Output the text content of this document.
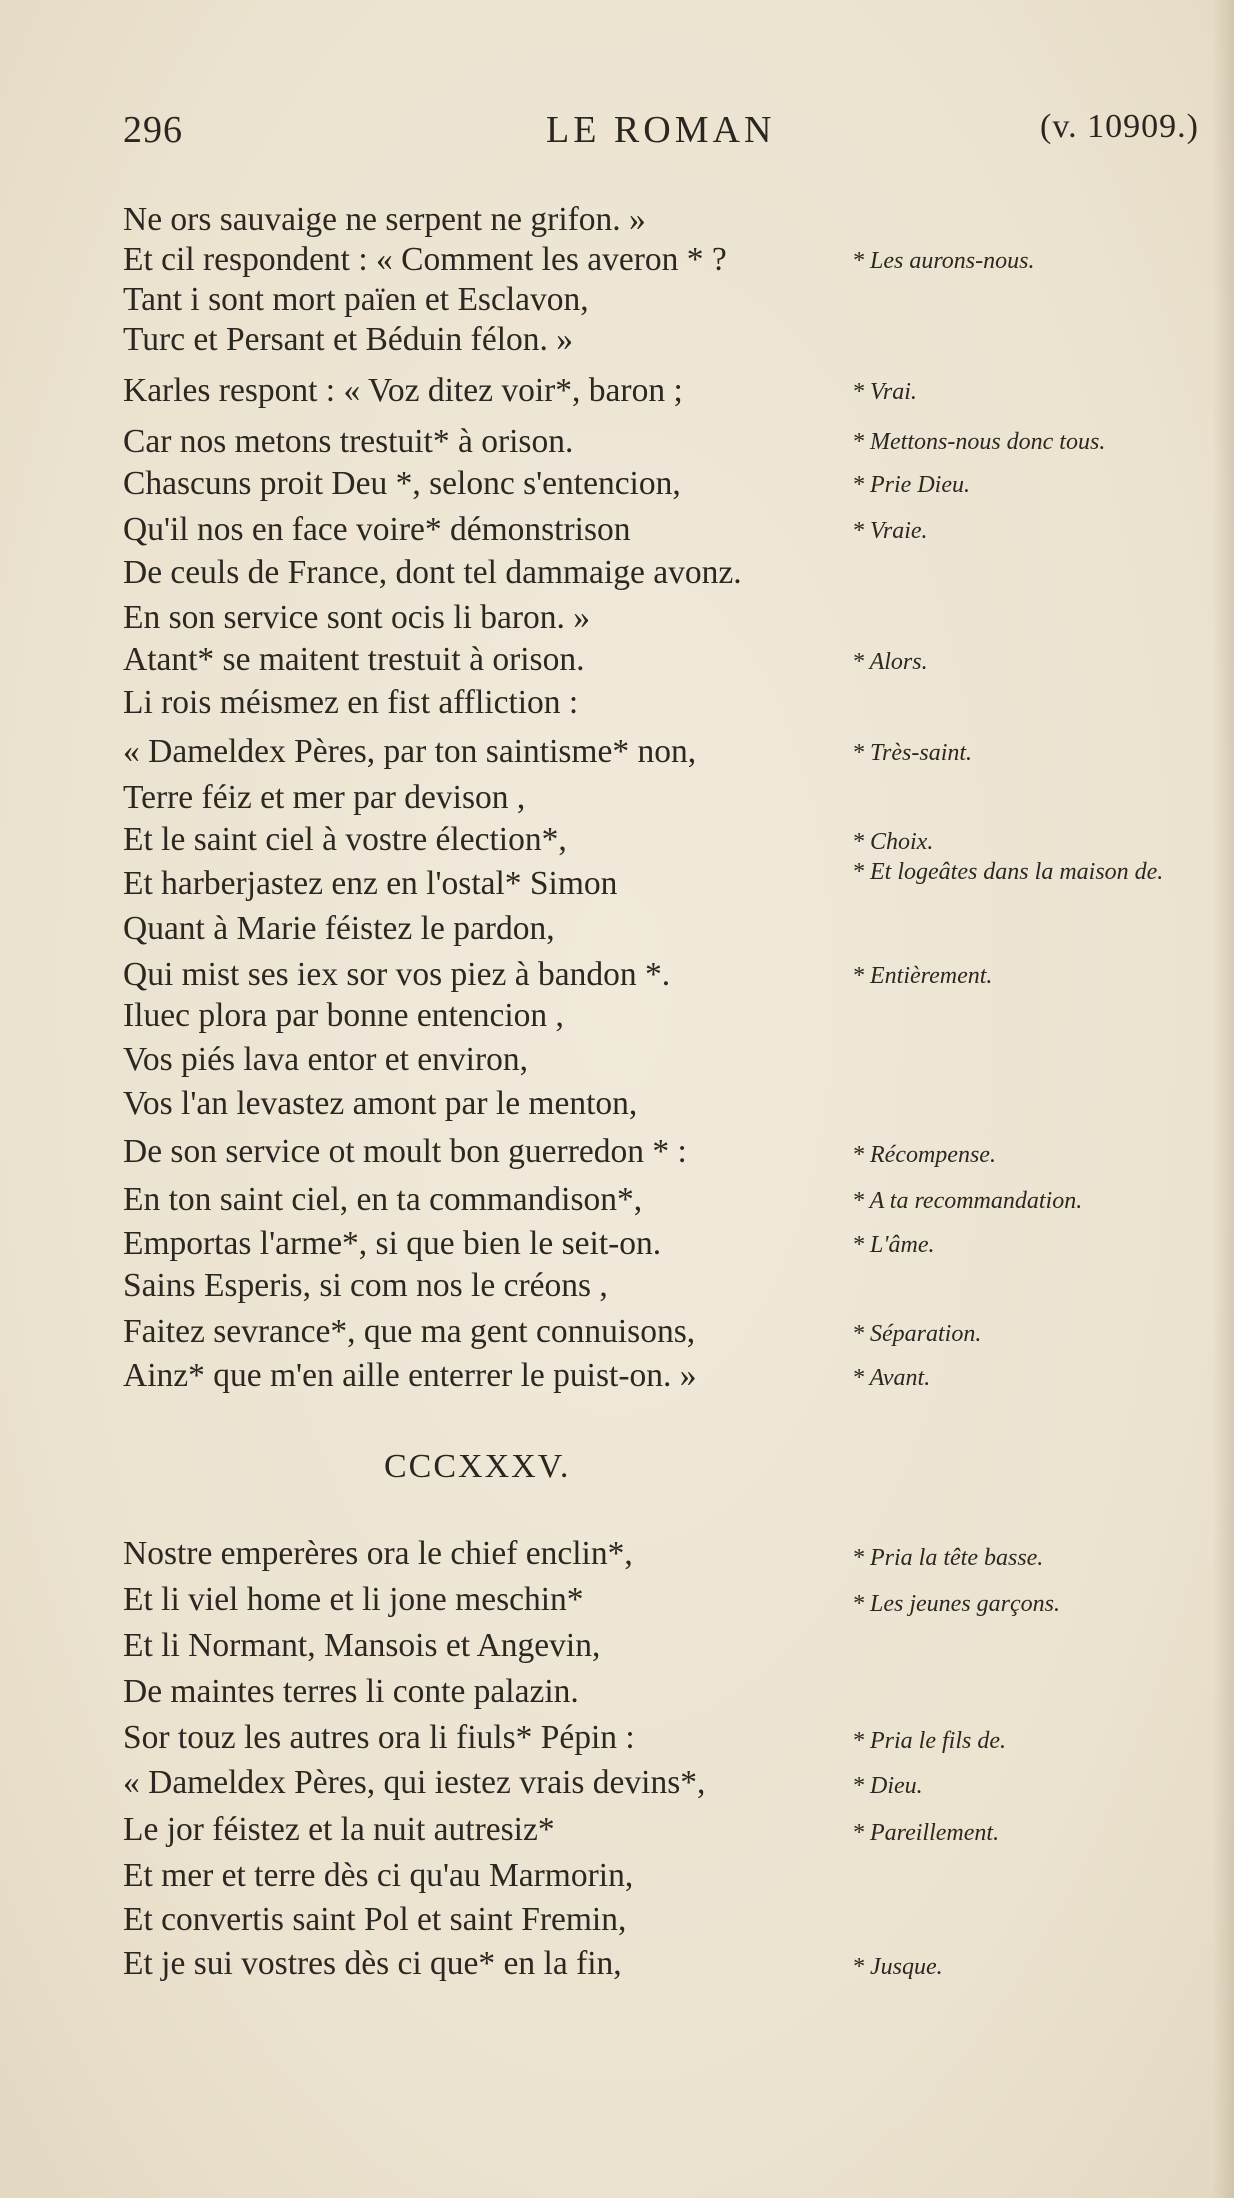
296	LE ROMAN	(v. 10909.)
Ne ors sauvaige ne serpent ne grifon. »
Et cil respondent : « Comment les averon * ?
Tant i sont mort païen et Esclavon,
Turc et Persant et Béduin félon. »
Karles respont : « Voz ditez voir*, baron ;
Car nos metons trestuit* à orison.
Chascuns proit Deu *, selonc s'entencion,
Qu'il nos en face voire* démonstrison
De ceuls de France, dont tel dammaige avonz.
En son service sont ocis li baron. »
Atant* se maitent trestuit à orison.
Li rois méismez en fist affliction :
« Dameldex Pères, par ton saintisme* non,
Terre féiz et mer par devison ,
Et le saint ciel à vostre élection*,
Et harberjastez enz en l'ostal* Simon
Quant à Marie féistez le pardon,
Qui mist ses iex sor vos piez à bandon *.
Iluec plora par bonne entencion ,
Vos piés lava entor et environ,
Vos l'an levastez amont par le menton,
De son service ot moult bon guerredon * :
En ton saint ciel, en ta commandison*,
Emportas l'arme*, si que bien le seit-on.
Sains Esperis, si com nos le créons ,
Faitez sevrance*, que ma gent connuisons,
Ainz* que m'en aille enterrer le puist-on. »
* Les aurons-nous.
* Vrai.
* Mettons-nous donc tous.
* Prie Dieu.
* Vraie.
* Alors.
* Très-saint.
* Choix.
* Et logeâtes dans la maison de.
* Entièrement.
* Récompense.
* A ta recommandation.
* L'âme.
* Séparation.
* Avant.
CCCXXXV.
Nostre emperères ora le chief enclin*,
Et li viel home et li jone meschin*
Et li Normant, Mansois et Angevin,
De maintes terres li conte palazin.
Sor touz les autres ora li fiuls* Pépin :
« Dameldex Pères, qui iestez vrais devins*,
Le jor féistez et la nuit autresiz*
Et mer et terre dès ci qu'au Marmorin,
Et convertis saint Pol et saint Fremin,
Et je sui vostres dès ci que* en la fin,
* Pria la tête basse.
* Les jeunes garçons.
* Pria le fils de.
* Dieu.
* Pareillement.
* Jusque.
